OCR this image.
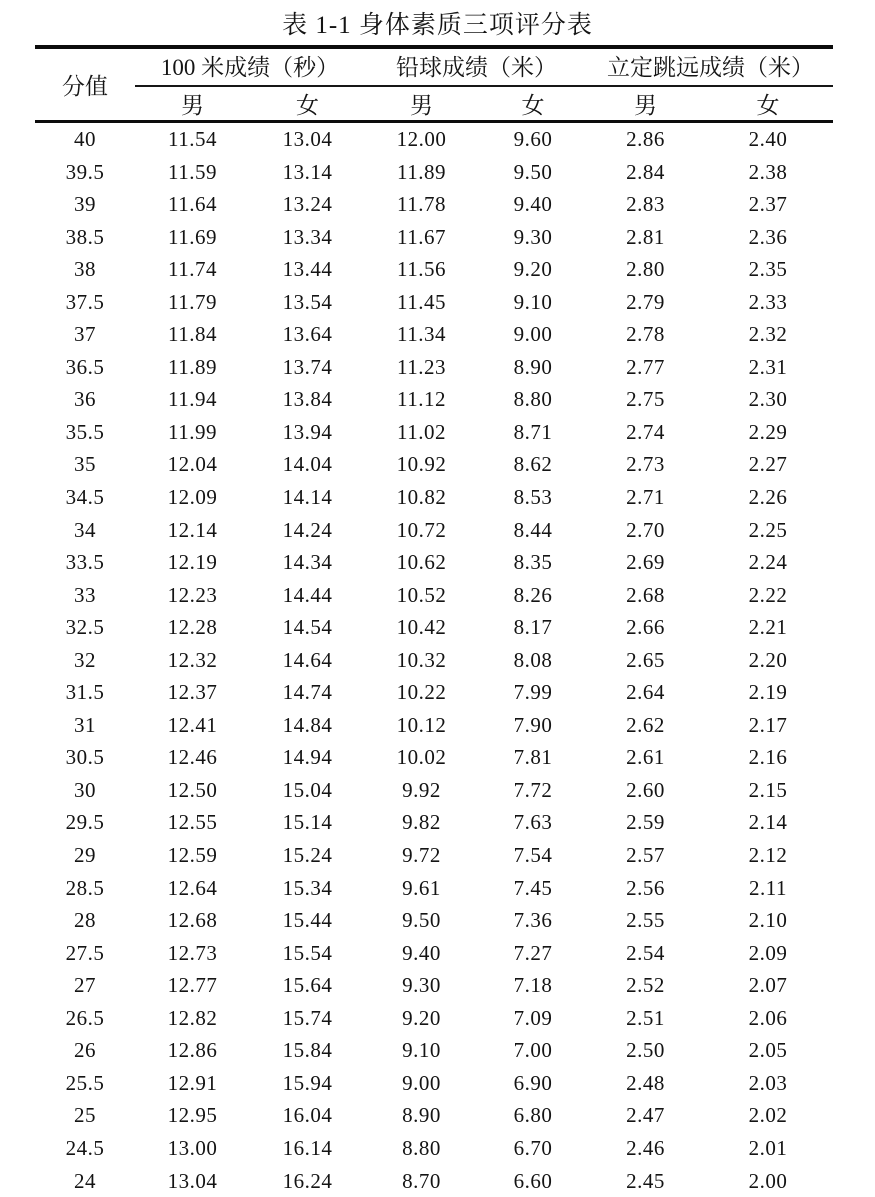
表 1-1 身体素质三项评分表
分值
100 米成绩（秒）
男	女
铅球成绩（米）
男	女
立定跳远成绩（米）
男	女
40	11.54	13.04	12.00	9.60	2.86	2.40
39.5	11.59	13.14	11.89	9.50	2.84	2.38
39	11.64	13.24	11.78	9.40	2.83	2.37
38.5	11.69	13.34	11.67	9.30	2.81	2.36
38	11.74	13.44	11.56	9.20	2.80	2.35
37.5	11.79	13.54	11.45	9.10	2.79	2.33
37	11.84	13.64	11.34	9.00	2.78	2.32
36.5	11.89	13.74	11.23	8.90	2.77	2.31
36	11.94	13.84	11.12	8.80	2.75	2.30
35.5	11.99	13.94	11.02	8.71	2.74	2.29
35	12.04	14.04	10.92	8.62	2.73	2.27
34.5	12.09	14.14	10.82	8.53	2.71	2.26
34	12.14	14.24	10.72	8.44	2.70	2.25
33.5	12.19	14.34	10.62	8.35	2.69	2.24
33	12.23	14.44	10.52	8.26	2.68	2.22
32.5	12.28	14.54	10.42	8.17	2.66	2.21
32	12.32	14.64	10.32	8.08	2.65	2.20
31.5	12.37	14.74	10.22	7.99	2.64	2.19
31	12.41	14.84	10.12	7.90	2.62	2.17
30.5	12.46	14.94	10.02	7.81	2.61	2.16
30	12.50	15.04	9.92	7.72	2.60	2.15
29.5	12.55	15.14	9.82	7.63	2.59	2.14
29	12.59	15.24	9.72	7.54	2.57	2.12
28.5	12.64	15.34	9.61	7.45	2.56	2.11
28	12.68	15.44	9.50	7.36	2.55	2.10
27.5	12.73	15.54	9.40	7.27	2.54	2.09
27	12.77	15.64	9.30	7.18	2.52	2.07
26.5	12.82	15.74	9.20	7.09	2.51	2.06
26	12.86	15.84	9.10	7.00	2.50	2.05
25.5	12.91	15.94	9.00	6.90	2.48	2.03
25	12.95	16.04	8.90	6.80	2.47	2.02
24.5	13.00	16.14	8.80	6.70	2.46	2.01
24	13.04	16.24	8.70	6.60	2.45	2.00
